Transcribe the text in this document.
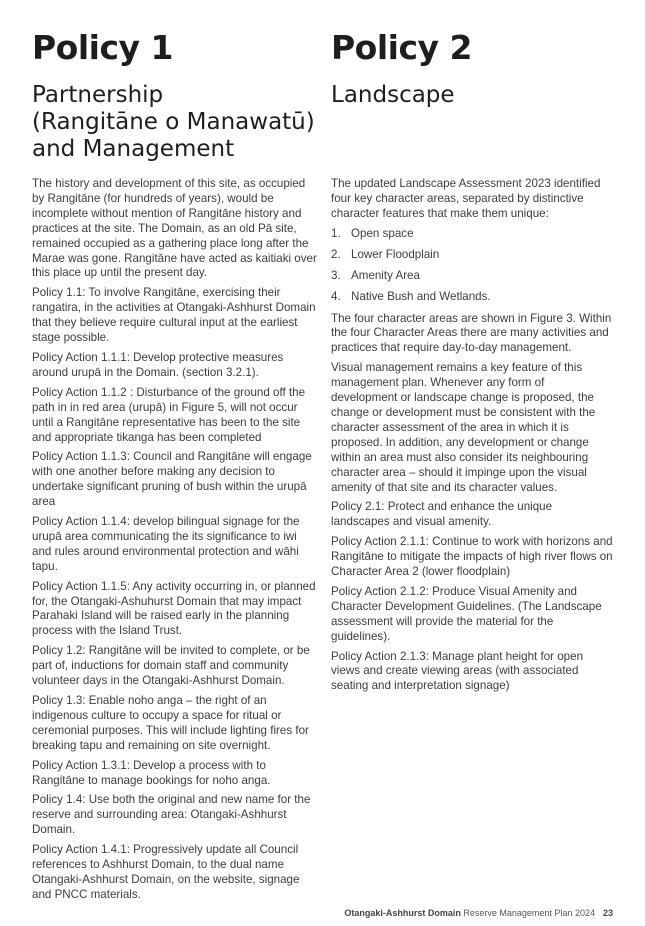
Policy 1
Partnership
(Rangitāne o Manawatū)
and Management
Policy 2
Landscape

The history and development of this site, as occupied by Rangitāne (for hundreds of years), would be incomplete without mention of Rangitāne history and practices at the site. The Domain, as an old Pā site, remained occupied as a gathering place long after the Marae was gone. Rangitāne have acted as kaitiaki over this place up until the present day.

Policy 1.1: To involve Rangitāne, exercising their rangatira, in the activities at Otangaki-Ashhurst Domain that they believe require cultural input at the earliest stage possible.

Policy Action 1.1.1: Develop protective measures around urupā in the Domain. (section 3.2.1).

Policy Action 1.1.2 : Disturbance of the ground off the path in in red area (urupā) in Figure 5, will not occur until a Rangitāne representative has been to the site and appropriate tikanga has been completed

Policy Action 1.1.3: Council and Rangitāne will engage with one another before making any decision to undertake significant pruning of bush within the urupā area

Policy Action 1.1.4: develop bilingual signage for the urupā area communicating the its significance to iwi and rules around environmental protection and wāhi tapu.

Policy Action 1.1.5: Any activity occurring in, or planned for, the Otangaki-Ashuhurst Domain that may impact Parahaki Island will be raised early in the planning process with the Island Trust.

Policy 1.2: Rangitāne will be invited to complete, or be part of, inductions for domain staff and community volunteer days in the Otangaki-Ashhurst Domain.

Policy 1.3: Enable noho anga – the right of an indigenous culture to occupy a space for ritual or ceremonial purposes. This will include lighting fires for breaking tapu and remaining on site overnight.

Policy Action 1.3.1: Develop a process with to Rangitāne to manage bookings for noho anga.

Policy 1.4: Use both the original and new name for the reserve and surrounding area: Otangaki-Ashhurst Domain.

Policy Action 1.4.1: Progressively update all Council references to Ashhurst Domain, to the dual name Otangaki-Ashhurst Domain, on the website, signage and PNCC materials.

The updated Landscape Assessment 2023 identified four key character areas, separated by distinctive character features that make them unique:

1. Open space
2. Lower Floodplain
3. Amenity Area
4. Native Bush and Wetlands.

The four character areas are shown in Figure 3. Within the four Character Areas there are many activities and practices that require day-to-day management.

Visual management remains a key feature of this management plan. Whenever any form of development or landscape change is proposed, the change or development must be consistent with the character assessment of the area in which it is proposed. In addition, any development or change within an area must also consider its neighbouring character area – should it impinge upon the visual amenity of that site and its character values.

Policy 2.1: Protect and enhance the unique landscapes and visual amenity.

Policy Action 2.1.1: Continue to work with horizons and Rangitāne to mitigate the impacts of high river flows on Character Area 2 (lower floodplain)

Policy Action 2.1.2: Produce Visual Amenity and Character Development Guidelines. (The Landscape assessment will provide the material for the guidelines).

Policy Action 2.1.3: Manage plant height for open views and create viewing areas (with associated seating and interpretation signage)

Otangaki-Ashhurst Domain Reserve Management Plan 2024 23
